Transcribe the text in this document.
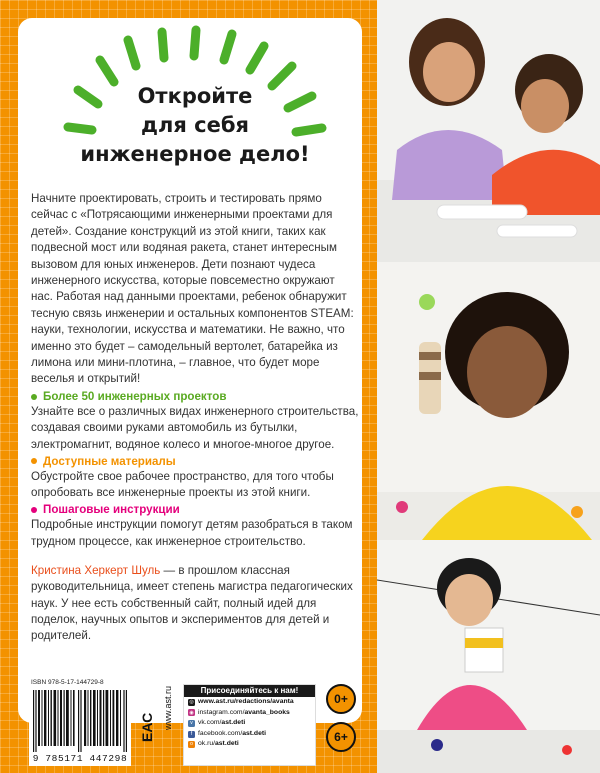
Откройте
для себя
инженерное дело!

Начните проектировать, строить и тестировать прямо сейчас с «Потрясающими инженерными проектами для детей». Создание конструкций из этой книги, таких как подвесной мост или водяная ракета, станет интересным вызовом для юных инженеров. Дети познают чудеса инженерного искусства, которые повсеместно окружают нас. Работая над данными проектами, ребенок обнаружит тесную связь инженерии и остальных компонентов STEAM: науки, технологии, искусства и математики. Не важно, что именно это будет – самодельный вертолет, батарейка из лимона или мини-плотина, – главное, что будет море веселья и открытий!

Более 50 инженерных проектов
Узнайте все о различных видах инженерного строительства, создавая своими руками автомобиль из бутылки, электромагнит, водяное колесо и многое-многое другое.
Доступные материалы
Обустройте свое рабочее пространство, для того чтобы опробовать все инженерные проекты из этой книги.
Пошаговые инструкции
Подробные инструкции помогут детям разобраться в таком трудном процессе, как инженерное строительство.
Кристина Херкерт Шуль — в прошлом классная руководительница, имеет степень магистра педагогических наук. У нее есть собственный сайт, полный идей для поделок, научных опытов и экспериментов для детей и родителей.
ISBN 978-5-17-144729-8
9 785171 447298
ЕАС www.ast.ru	Присоединяйтесь к нам!
◎ www.ast.ru/redactions/avanta
◉ instagram.com/ avanta_books
v vk.com/ ast.deti
f facebook.com/ ast.deti
o ok.ru/ ast.deti
0+
6+
